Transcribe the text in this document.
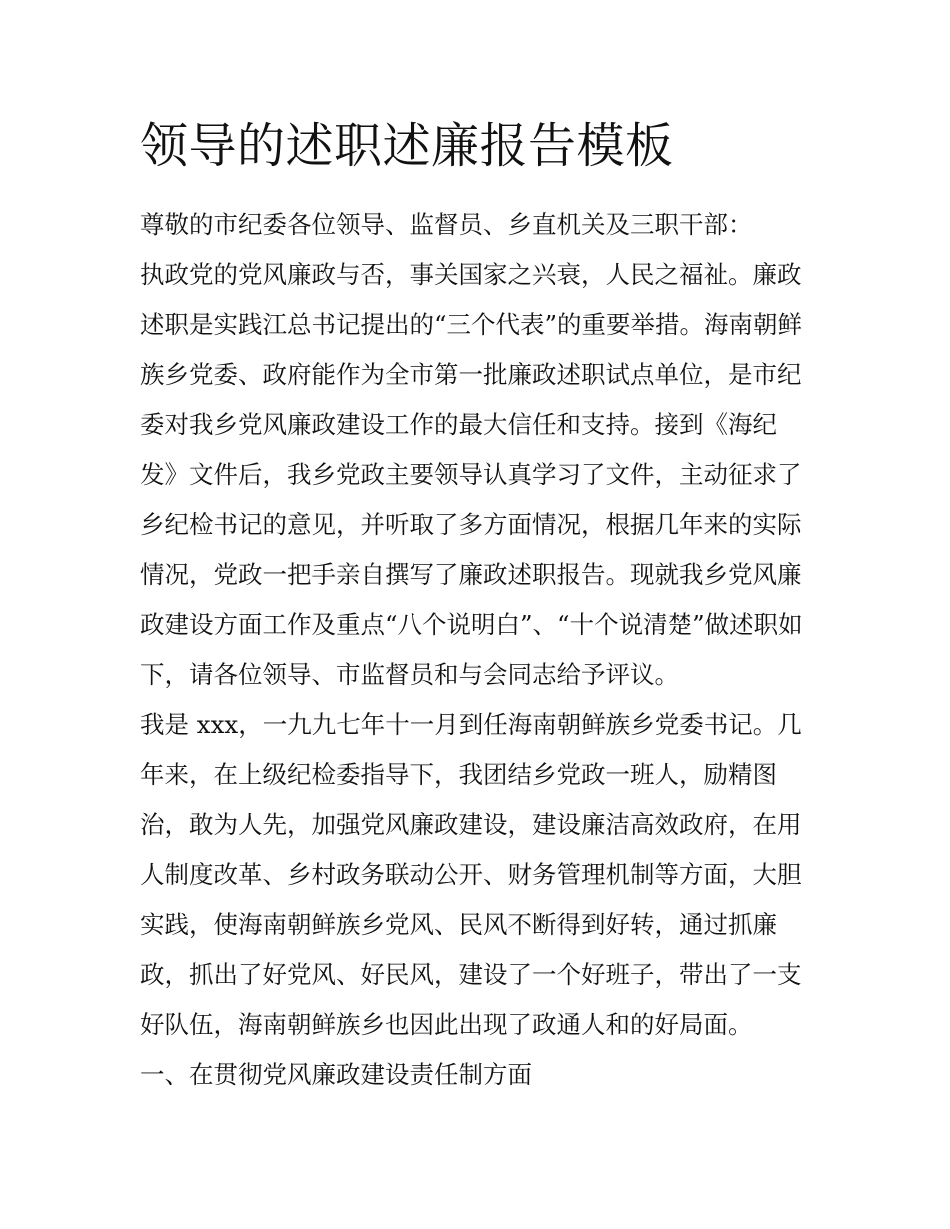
领导的述职述廉报告模板

尊敬的市纪委各位领导、监督员、乡直机关及三职干部：

执政党的党风廉政与否，事关国家之兴衰，人民之福祉。廉政

述职是实践江总书记提出的“三个代表”的重要举措。海南朝鲜

族乡党委、政府能作为全市第一批廉政述职试点单位，是市纪

委对我乡党风廉政建设工作的最大信任和支持。接到《海纪

发》文件后，我乡党政主要领导认真学习了文件，主动征求了

乡纪检书记的意见，并听取了多方面情况，根据几年来的实际

情况，党政一把手亲自撰写了廉政述职报告。现就我乡党风廉

政建设方面工作及重点“八个说明白”、“十个说清楚”做述职如

下，请各位领导、市监督员和与会同志给予评议。

我是 xxx，一九九七年十一月到任海南朝鲜族乡党委书记。几

年来，在上级纪检委指导下，我团结乡党政一班人，励精图

治，敢为人先，加强党风廉政建设，建设廉洁高效政府，在用

人制度改革、乡村政务联动公开、财务管理机制等方面，大胆

实践，使海南朝鲜族乡党风、民风不断得到好转，通过抓廉

政，抓出了好党风、好民风，建设了一个好班子，带出了一支

好队伍，海南朝鲜族乡也因此出现了政通人和的好局面。

一、在贯彻党风廉政建设责任制方面
